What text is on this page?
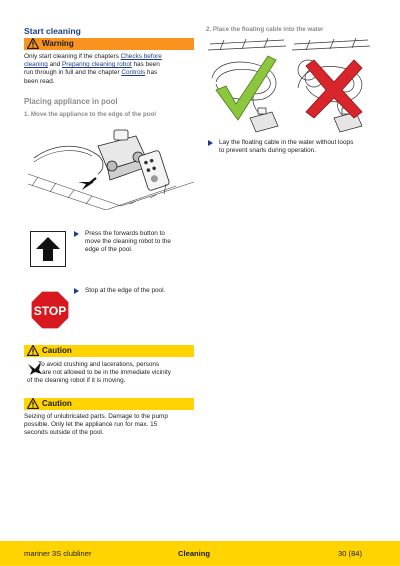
Start cleaning
Warning
Only start cleaning if the chapters Checks before
cleaning and Preparing cleaning robot has been
run through in full and the chapter Controls has
been read.
Placing appliance in pool
1. Move the appliance to the edge of the pool
Press the forwards button to
move the cleaning robot to the
edge of the pool.
STOP
Stop at the edge of the pool.
Caution
To avoid crushing and lacerations, persons
are not allowed to be in the immediate vicinity
of the cleaning robot if it is moving.
Caution
Seizing of unlubricated parts. Damage to the pump
possible. Only let the appliance run for max. 15
seconds outside of the pool.
2. Place the floating cable into the water
Lay the floating cable in the water without loops
to prevent snarls during operation.
mariner 3S clubliner	Cleaning	30 (84)
